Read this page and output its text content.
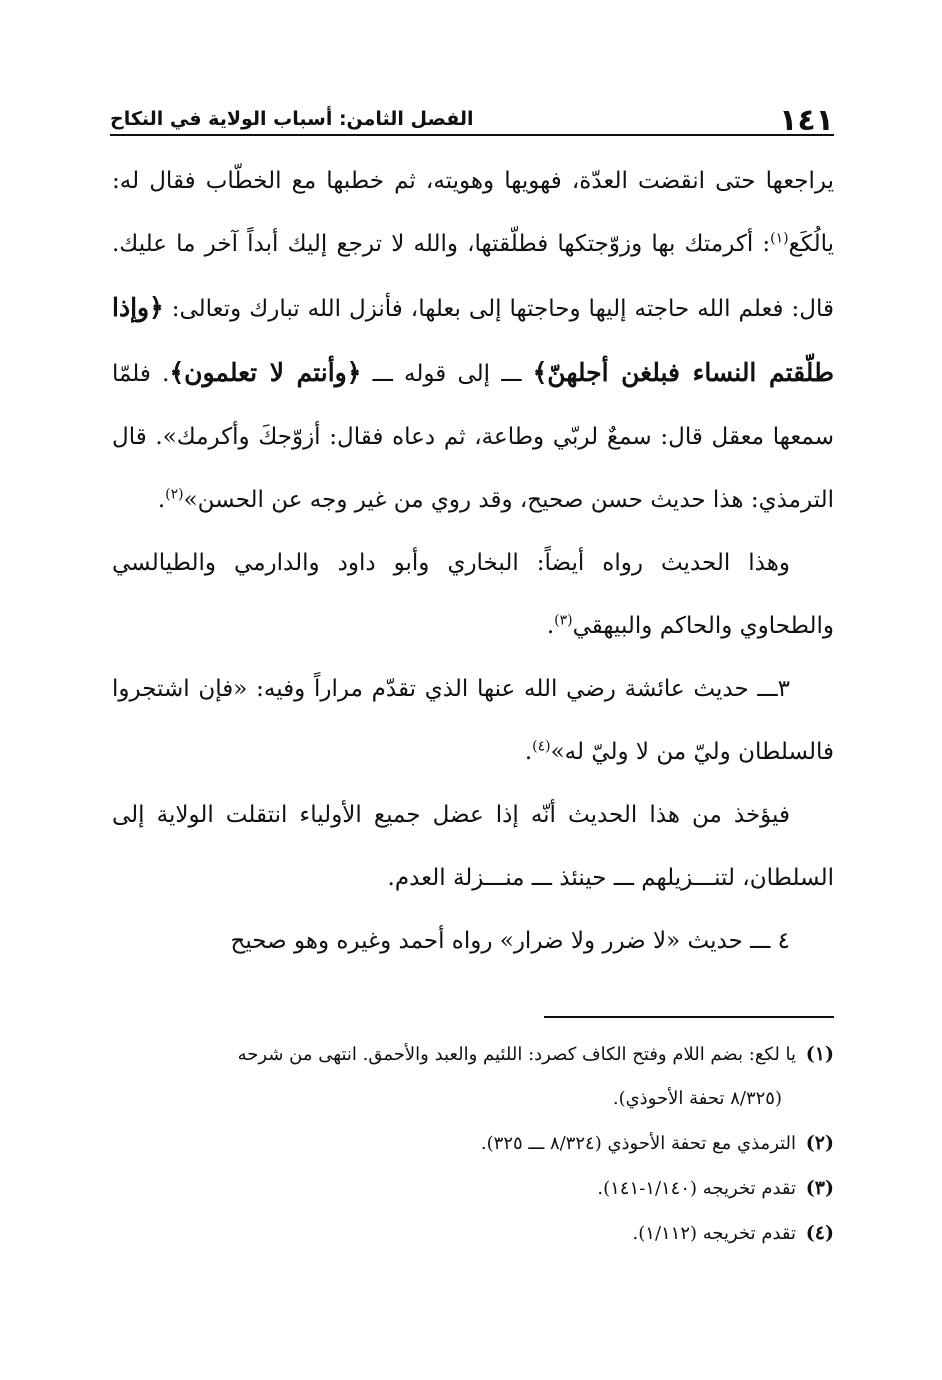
١٤١
الفصل الثامن: أسباب الولاية في النكاح

يراجعها حتى انقضت العدّة، فهويها وهويته، ثم خطبها مع الخطّاب فقال له: يالُكَع$^{(١)}$: أكرمتك بها وزوّجتكها فطلّقتها، والله لا ترجع إليك أبداً آخر ما عليك. قال: فعلم الله حاجته إليها وحاجتها إلى بعلها، فأنزل الله تبارك وتعالى: ﴿وإذا طلّقتم النساء فبلغن أجلهنّ﴾ ـــ إلى قوله ـــ ﴿وأنتم لا تعلمون﴾. فلمّا سمعها معقل قال: سمعٌ لربّي وطاعة، ثم دعاه فقال: أزوّجكَ وأكرمك». قال الترمذي: هذا حديث حسن صحيح، وقد روي من غير وجه عن الحسن»$^{(٢)}$.

وهذا الحديث رواه أيضاً: البخاري وأبو داود والدارمي والطيالسي والطحاوي والحاكم والبيهقي$^{(٣)}$.

٣ـــ حديث عائشة رضي الله عنها الذي تقدّم مراراً وفيه: «فإن اشتجروا فالسلطان وليّ من لا وليّ له»$^{(٤)}$.

فيؤخذ من هذا الحديث أنّه إذا عضل جميع الأولياء انتقلت الولاية إلى السلطان، لتنـــزيلهم ـــ حينئذ ـــ منـــزلة العدم.

٤ ـــ حديث «لا ضرر ولا ضرار» رواه أحمد وغيره وهو صحيح

(١) يا لكع: بضم اللام وفتح الكاف كصرد: اللئيم والعبد والأحمق. انتهى من شرحه

(٨/٣٢٥ تحفة الأحوذي).

(٢) الترمذي مع تحفة الأحوذي (٨/٣٢٤ ـــ ٣٢٥).

(٣) تقدم تخريجه (١/١٤٠-١٤١).

(٤) تقدم تخريجه (١/١١٢).
